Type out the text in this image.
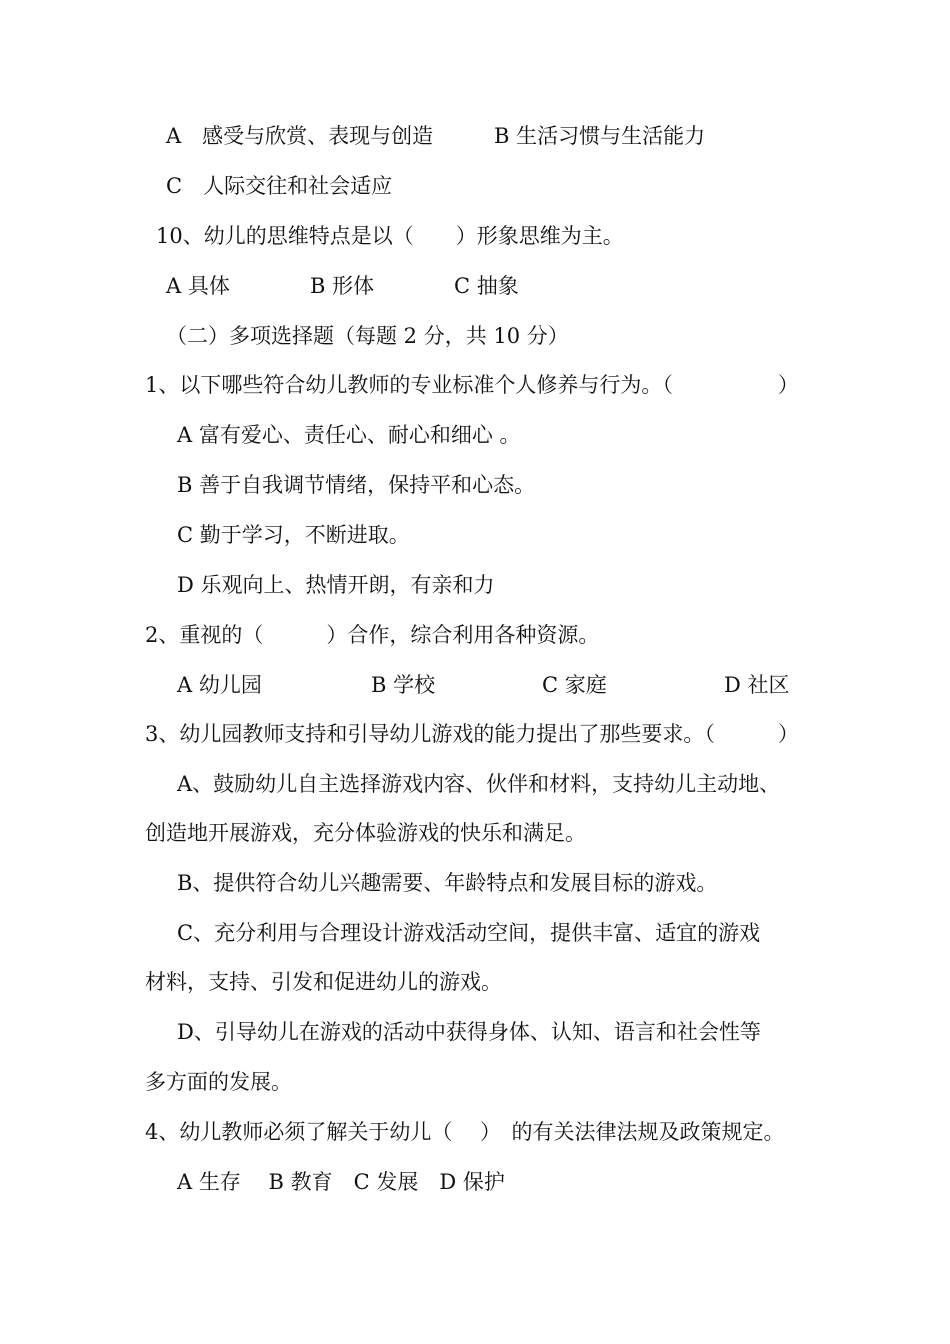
A　感受与欣赏、表现与创造	B 生活习惯与生活能力
C　人际交往和社会适应
10、幼儿的思维特点是以（　　）形象思维为主。
A 具体	B 形体	C 抽象
（二）多项选择题（每题 2 分，共 10 分）
1、以下哪些符合幼儿教师的专业标准个人修养与行为。（　　　　　）
A 富有爱心、责任心、耐心和细心 。
B 善于自我调节情绪，保持平和心态。
C 勤于学习，不断进取。
D 乐观向上、热情开朗，有亲和力
2、重视的（　　　）合作，综合利用各种资源。
A 幼儿园	B 学校	C 家庭	D 社区
3、幼儿园教师支持和引导幼儿游戏的能力提出了那些要求。（　　　）
A、鼓励幼儿自主选择游戏内容、伙伴和材料，支持幼儿主动地、
创造地开展游戏，充分体验游戏的快乐和满足。
B、提供符合幼儿兴趣需要、年龄特点和发展目标的游戏。
C、充分利用与合理设计游戏活动空间，提供丰富、适宜的游戏
材料，支持、引发和促进幼儿的游戏。
D、引导幼儿在游戏的活动中获得身体、认知、语言和社会性等
多方面的发展。
4、幼儿教师必须了解关于幼儿（　 ）　的有关法律法规及政策规定。
A 生存　 B 教育　C 发展　D 保护
